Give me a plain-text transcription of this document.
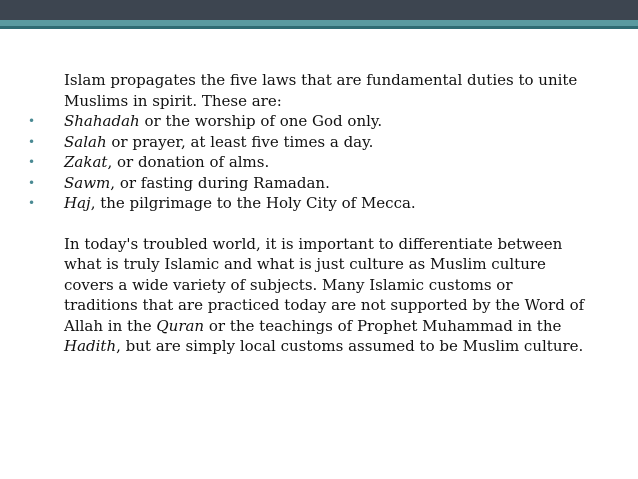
Islam propagates the five laws that are fundamental duties to unite
Muslims in spirit. These are:

• Shahadah or the worship of one God only.
• Salah or prayer, at least five times a day.
• Zakat, or donation of alms.
• Sawm, or fasting during Ramadan.
• Haj, the pilgrimage to the Holy City of Mecca.

In today's troubled world, it is important to differentiate between
what is truly Islamic and what is just culture as Muslim culture
covers a wide variety of subjects. Many Islamic customs or
traditions that are practiced today are not supported by the Word of
Allah in the Quran or the teachings of Prophet Muhammad in the
Hadith, but are simply local customs assumed to be Muslim culture.
